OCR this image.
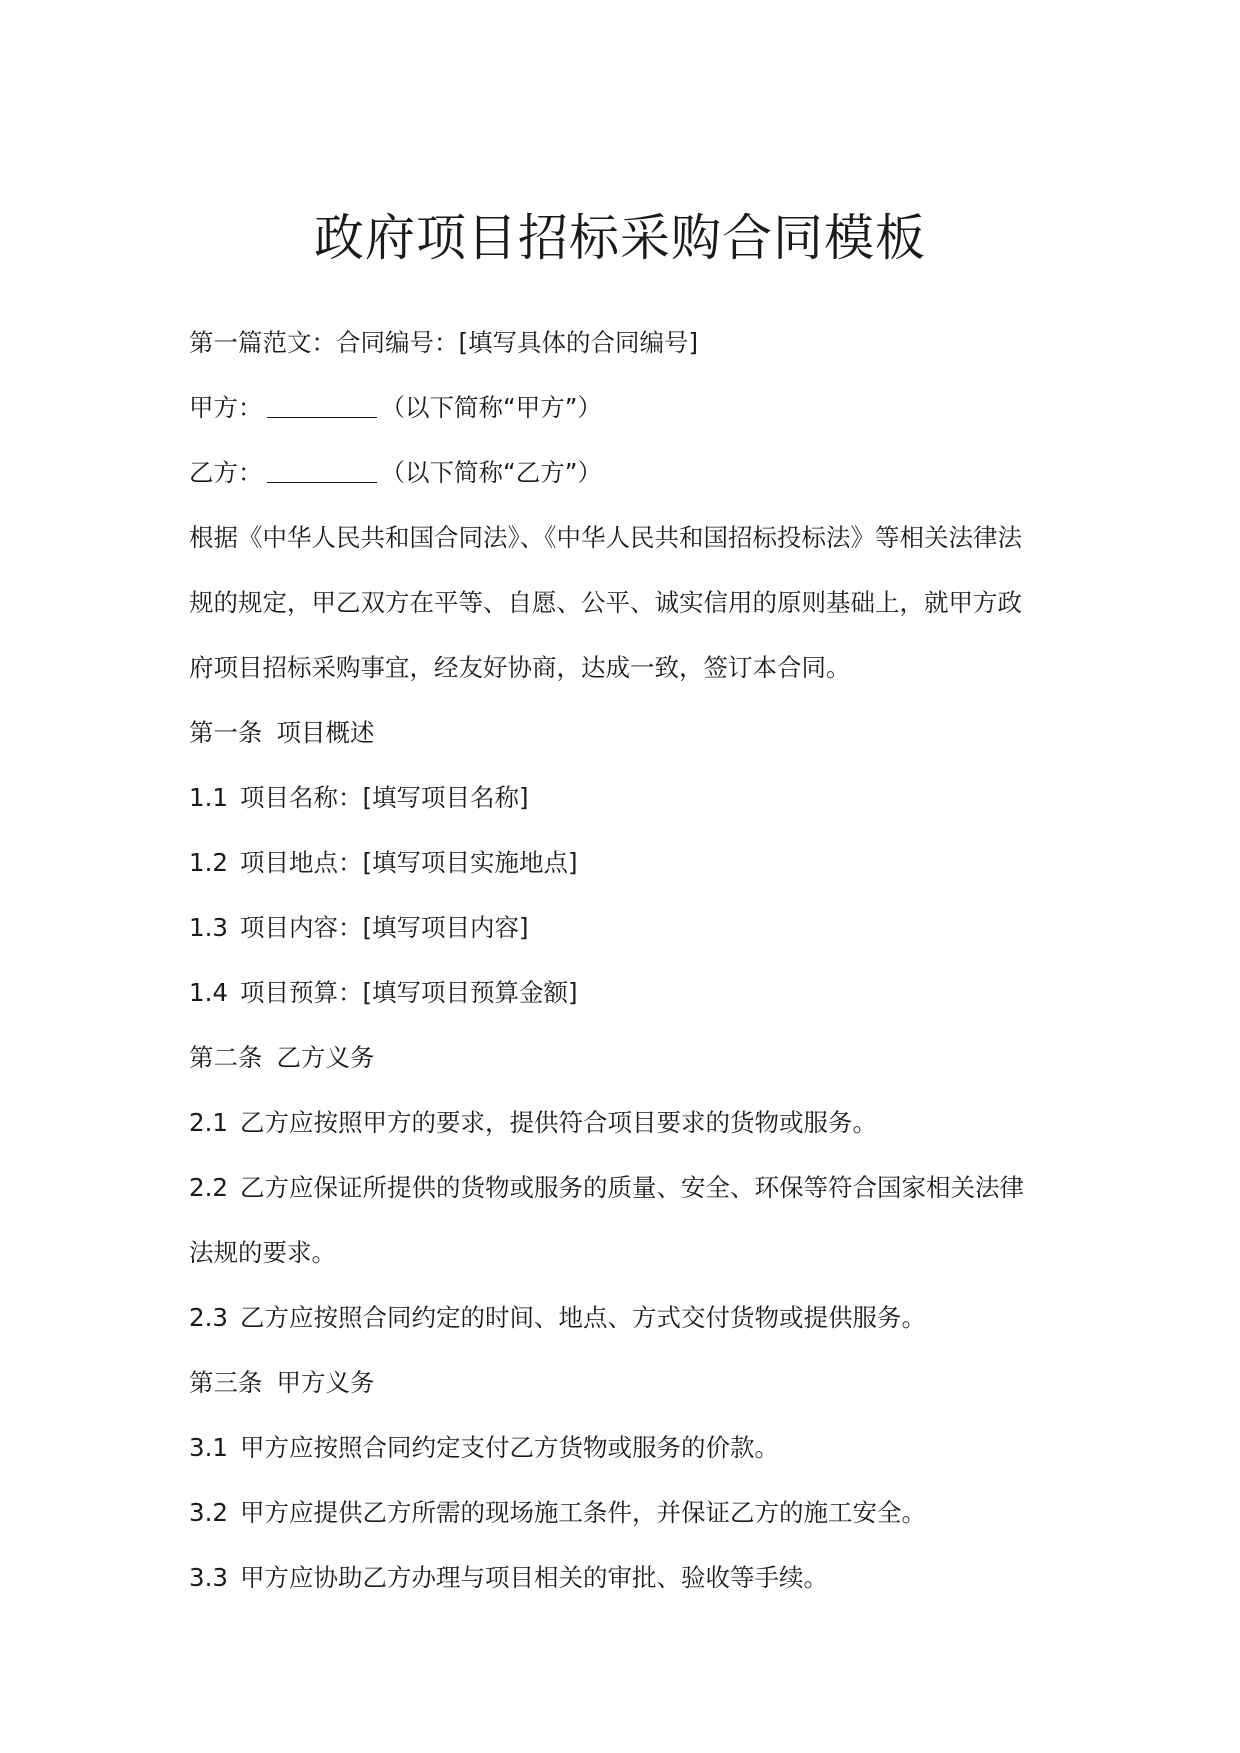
政府项目招标采购合同模板
第一篇范文：合同编号：[填写具体的合同编号]
甲方：	（以下简称“甲方”）
乙方：	（以下简称“乙方”）
根据《中华人民共和国合同法》、《中华人民共和国招标投标法》等相关法律法
规的规定，甲乙双方在平等、自愿、公平、诚实信用的原则基础上，就甲方政
府项目招标采购事宜，经友好协商，达成一致，签订本合同。
第一条 项目概述
1.1 项目名称：[填写项目名称]
1.2 项目地点：[填写项目实施地点]
1.3 项目内容：[填写项目内容]
1.4 项目预算：[填写项目预算金额]
第二条 乙方义务
2.1 乙方应按照甲方的要求，提供符合项目要求的货物或服务。
2.2 乙方应保证所提供的货物或服务的质量、安全、环保等符合国家相关法律
法规的要求。
2.3 乙方应按照合同约定的时间、地点、方式交付货物或提供服务。
第三条 甲方义务
3.1 甲方应按照合同约定支付乙方货物或服务的价款。
3.2 甲方应提供乙方所需的现场施工条件，并保证乙方的施工安全。
3.3 甲方应协助乙方办理与项目相关的审批、验收等手续。
